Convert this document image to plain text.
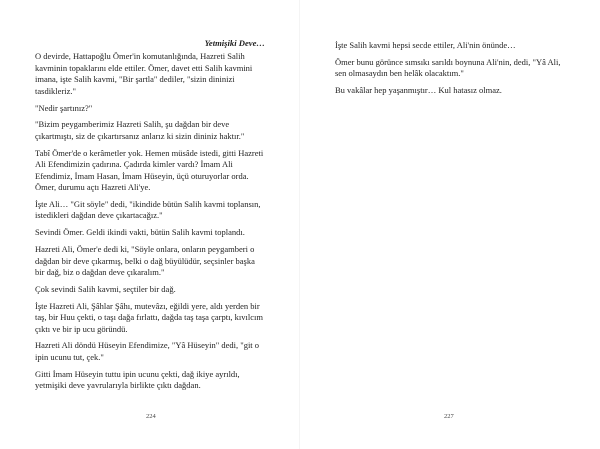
Yetmişiki Deve…

O devirde, Hattapoğlu Ömer'in komutanlığında, Hazreti Salih kavminin topaklarını elde ettiler. Ömer, davet etti Salih kavmini imana, işte Salih kavmi, "Bir şartla" dediler, "sizin dininizi tasdikleriz."

"Nedir şartınız?"

"Bizim peygamberimiz Hazreti Salih, şu dağdan bir deve çıkartmıştı, siz de çıkartırsanız anlarız ki sizin dininiz haktır."

Tabî Ömer'de o kerâmetler yok. Hemen müsâde istedi, gitti Hazreti Ali Efendimizin çadırına. Çadırda kimler vardı? İmam Ali Efendimiz, İmam Hasan, İmam Hüseyin, üçü oturuyorlar orda. Ömer, durumu açtı Hazreti Ali'ye.

İşte Ali… "Git söyle" dedi, "ikindide bütün Salih kavmi toplansın, istedikleri dağdan deve çıkartacağız."

Sevindi Ömer. Geldi ikindi vakti, bütün Salih kavmi toplandı.

Hazreti Ali, Ömer'e dedi ki, "Söyle onlara, onların peygamberi o dağdan bir deve çıkarmış, belki o dağ büyülüdür, seçsinler başka bir dağ, biz o dağdan deve çıkaralım."

Çok sevindi Salih kavmi, seçtiler bir dağ.

İşte Hazreti Ali, Şâhlar Şâhı, mutevâzı, eğildi yere, aldı yerden bir taş, bir Huu çekti, o taşı dağa fırlattı, dağda taş taşa çarptı, kıvılcım çıktı ve bir ip ucu göründü.

Hazreti Ali döndü Hüseyin Efendimize, "Yâ Hüseyin" dedi, "git o ipin ucunu tut, çek."

Gitti İmam Hüseyin tuttu ipin ucunu çekti, dağ ikiye ayrıldı, yetmişiki deve yavrularıyla birlikte çıktı dağdan.

İşte Salih kavmi hepsi secde ettiler, Ali'nin önünde…

Ömer bunu görünce sımsıkı sarıldı boynuna Ali'nin, dedi, "Yâ Ali, sen olmasaydın ben helâk olacaktım."

Bu vakâlar hep yaşanmıştır… Kul hatasız olmaz.

224	227
